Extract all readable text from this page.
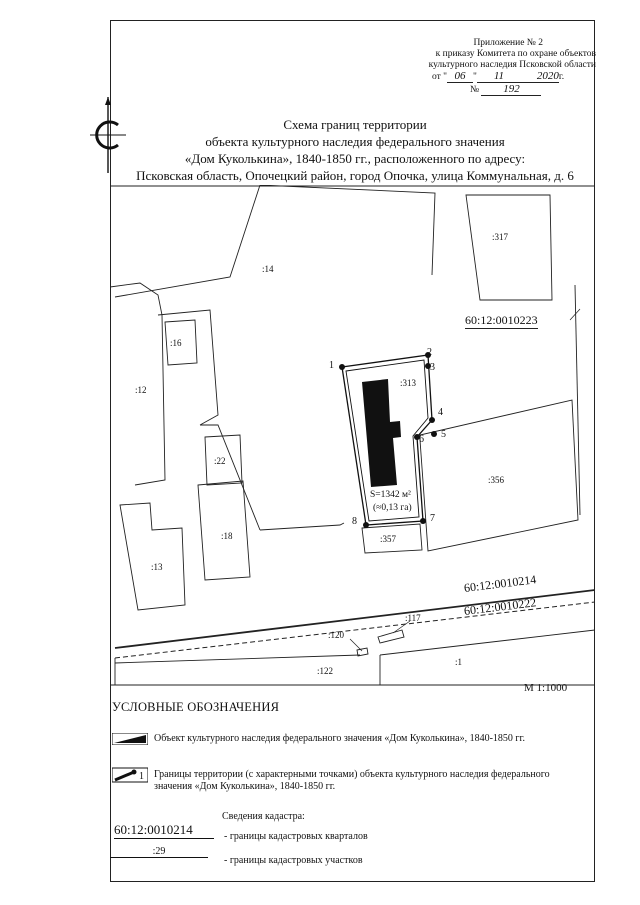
Приложение № 2
к приказу Комитета по охране объектов
культурного наследия Псковской области
от " 06 " 11	2020г.
№ 192
Схема границ территории
объекта культурного наследия федерального значения
«Дом Куколькина», 1840-1850 гг., расположенного по адресу:
Псковская область, Опочецкий район, город Опочка, улица Коммунальная, д. 6
:14
:317
:16
:12
:313
:22
:356
:18
:13
:357
:117
:120
:122
:1
60:12:0010223
60:12:0010214
60:12:0010222
1
2
3
4
5
6
7
8
S=1342 м²
(≈0,13 га)
М 1:1000
УСЛОВНЫЕ ОБОЗНАЧЕНИЯ
Объект культурного наследия федерального значения «Дом Куколькина», 1840-1850 гг.
1 Границы территории (с характерными точками) объекта культурного наследия федерального
значения «Дом Куколькина», 1840-1850 гг.
Сведения кадастра:
60:12:0010214	- границы кадастровых кварталов
:29
- границы кадастровых участков
